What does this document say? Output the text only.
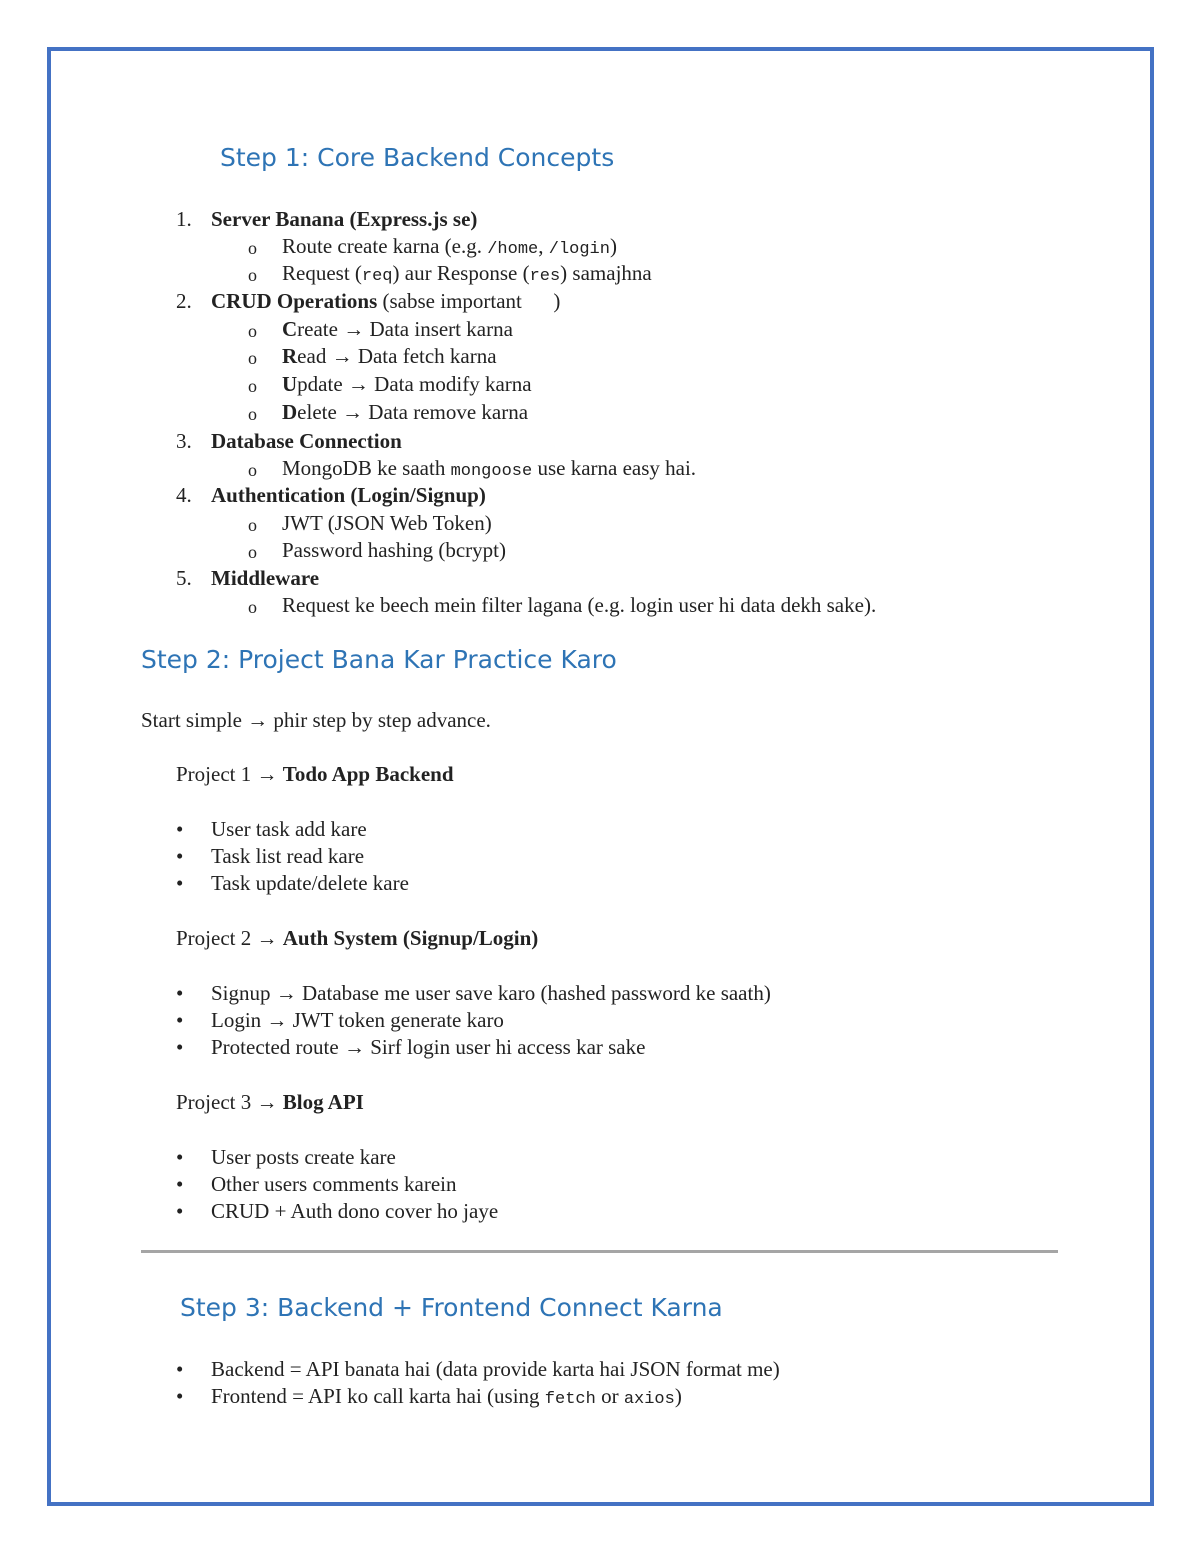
Step 1: Core Backend Concepts
1. Server Banana (Express.js se)
o Route create karna (e.g. /home, /login)
o Request (req) aur Response (res) samajhna
2. CRUD Operations (sabse important      )
o Create → Data insert karna
o Read → Data fetch karna
o Update → Data modify karna
o Delete → Data remove karna
3. Database Connection
o MongoDB ke saath mongoose use karna easy hai.
4. Authentication (Login/Signup)
o JWT (JSON Web Token)
o Password hashing (bcrypt)
5. Middleware
o Request ke beech mein filter lagana (e.g. login user hi data dekh sake).
Step 2: Project Bana Kar Practice Karo
Start simple → phir step by step advance.
Project 1 → Todo App Backend
• User task add kare
• Task list read kare
• Task update/delete kare
Project 2 → Auth System (Signup/Login)
• Signup → Database me user save karo (hashed password ke saath)
• Login → JWT token generate karo
• Protected route → Sirf login user hi access kar sake
Project 3 → Blog API
• User posts create kare
• Other users comments karein
• CRUD + Auth dono cover ho jaye
Step 3: Backend + Frontend Connect Karna
• Backend = API banata hai (data provide karta hai JSON format me)
• Frontend = API ko call karta hai (using fetch or axios)
